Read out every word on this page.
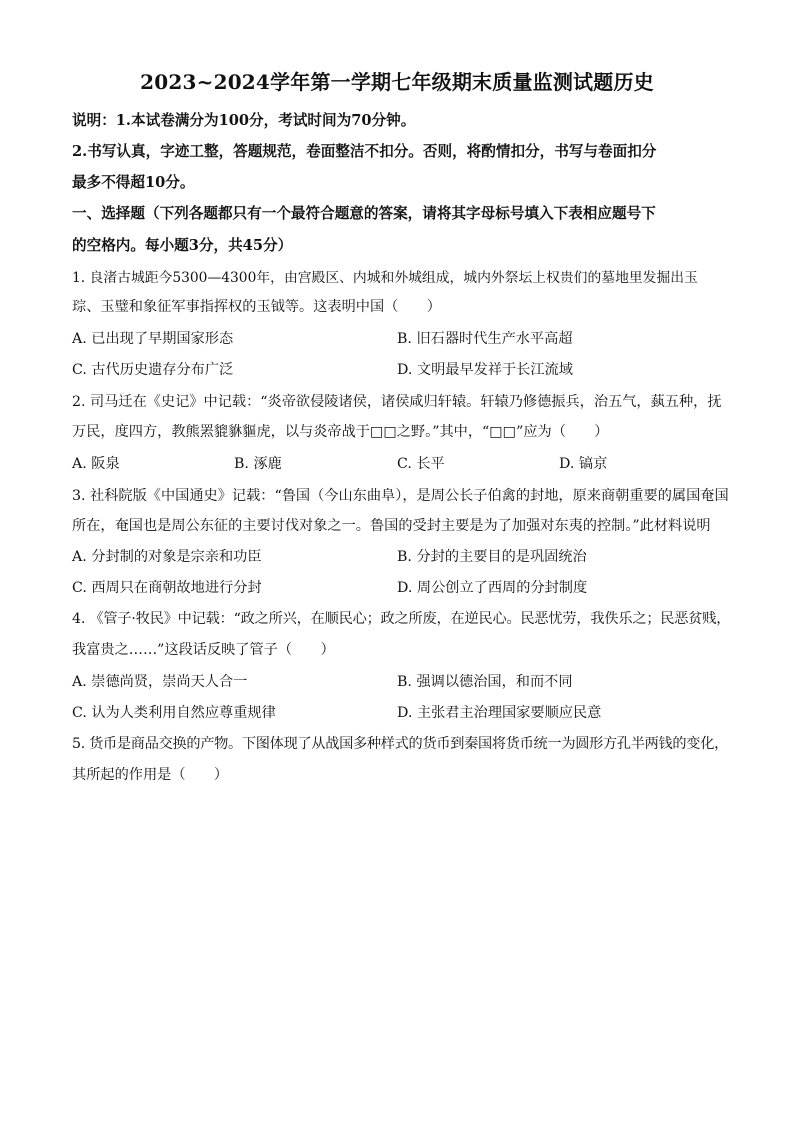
2023~2024学年第一学期七年级期末质量监测试题历史
说明：1.本试卷满分为100分，考试时间为70分钟。
2.书写认真，字迹工整，答题规范，卷面整洁不扣分。否则，将酌情扣分，书写与卷面扣分
最多不得超10分。
一、选择题（下列各题都只有一个最符合题意的答案，请将其字母标号填入下表相应题号下
的空格内。每小题3分，共45分）
1. 良渚古城距今5300—4300年，由宫殿区、内城和外城组成，城内外祭坛上权贵们的墓地里发掘出玉
琮、玉璧和象征军事指挥权的玉钺等。这表明中国（　　）
A. 已出现了早期国家形态	B. 旧石器时代生产水平高超
C. 古代历史遗存分布广泛	D. 文明最早发祥于长江流域
2. 司马迁在《史记》中记载：“炎帝欲侵陵诸侯，诸侯咸归轩辕。轩辕乃修德振兵，治五气，蓺五种，抚
万民，度四方，教熊罴貔貅貙虎，以与炎帝战于□□之野。”其中，“□□”应为（　　）
A. 阪泉	B. 涿鹿	C. 长平	D. 镐京
3. 社科院版《中国通史》记载：“鲁国（今山东曲阜），是周公长子伯禽的封地，原来商朝重要的属国奄国
所在，奄国也是周公东征的主要讨伐对象之一。鲁国的受封主要是为了加强对东夷的控制。”此材料说明
A. 分封制的对象是宗亲和功臣	B. 分封的主要目的是巩固统治
C. 西周只在商朝故地进行分封	D. 周公创立了西周的分封制度
4. 《管子·牧民》中记载：“政之所兴，在顺民心；政之所废，在逆民心。民恶忧劳，我佚乐之；民恶贫贱，
我富贵之……”这段话反映了管子（　　）
A. 崇德尚贤，崇尚天人合一	B. 强调以德治国，和而不同
C. 认为人类利用自然应尊重规律	D. 主张君主治理国家要顺应民意
5. 货币是商品交换的产物。下图体现了从战国多种样式的货币到秦国将货币统一为圆形方孔半两钱的变化，
其所起的作用是（　　）
